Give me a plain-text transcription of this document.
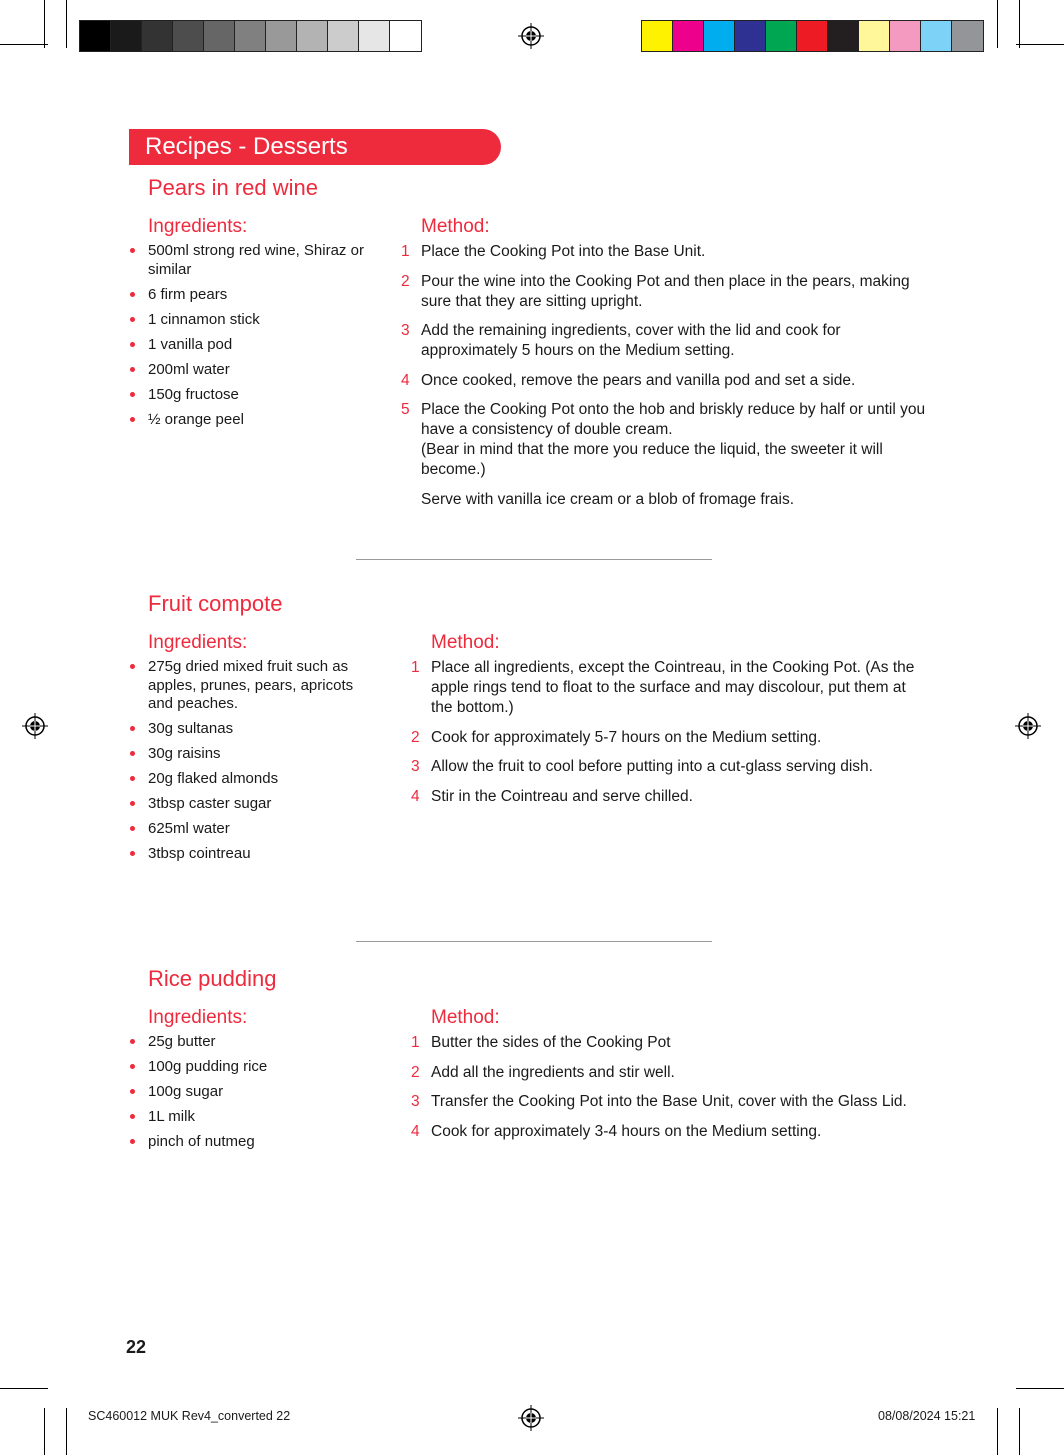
Recipes - Desserts
Pears in red wine
Ingredients:	Method:
500ml strong red wine, Shiraz or similar
6 firm pears
1 cinnamon stick
1 vanilla pod
200ml water
150g fructose
½ orange peel
1 Place the Cooking Pot into the Base Unit.
2 Pour the wine into the Cooking Pot and then place in the pears, making sure that they are sitting upright.
3 Add the remaining ingredients, cover with the lid and cook for approximately 5 hours on the Medium setting.
4 Once cooked, remove the pears and vanilla pod and set a side.
5 Place the Cooking Pot onto the hob and briskly reduce by half or until you have a consistency of double cream.
(Bear in mind that the more you reduce the liquid, the sweeter it will become.)
Serve with vanilla ice cream or a blob of fromage frais.
Fruit compote
Ingredients:	Method:
275g dried mixed fruit such as apples, prunes, pears, apricots and peaches.
30g sultanas
30g raisins
20g flaked almonds
3tbsp caster sugar
625ml water
3tbsp cointreau
1 Place all ingredients, except the Cointreau, in the Cooking Pot. (As the apple rings tend to float to the surface and may discolour, put them at the bottom.)
2 Cook for approximately 5-7 hours on the Medium setting.
3 Allow the fruit to cool before putting into a cut-glass serving dish.
4 Stir in the Cointreau and serve chilled.
Rice pudding
Ingredients:	Method:
25g butter
100g pudding rice
100g sugar
1L milk
pinch of nutmeg
1 Butter the sides of the Cooking Pot
2 Add all the ingredients and stir well.
3 Transfer the Cooking Pot into the Base Unit, cover with the Glass Lid.
4 Cook for approximately 3-4 hours on the Medium setting.
22
SC460012 MUK Rev4_converted 22	08/08/2024 15:21
